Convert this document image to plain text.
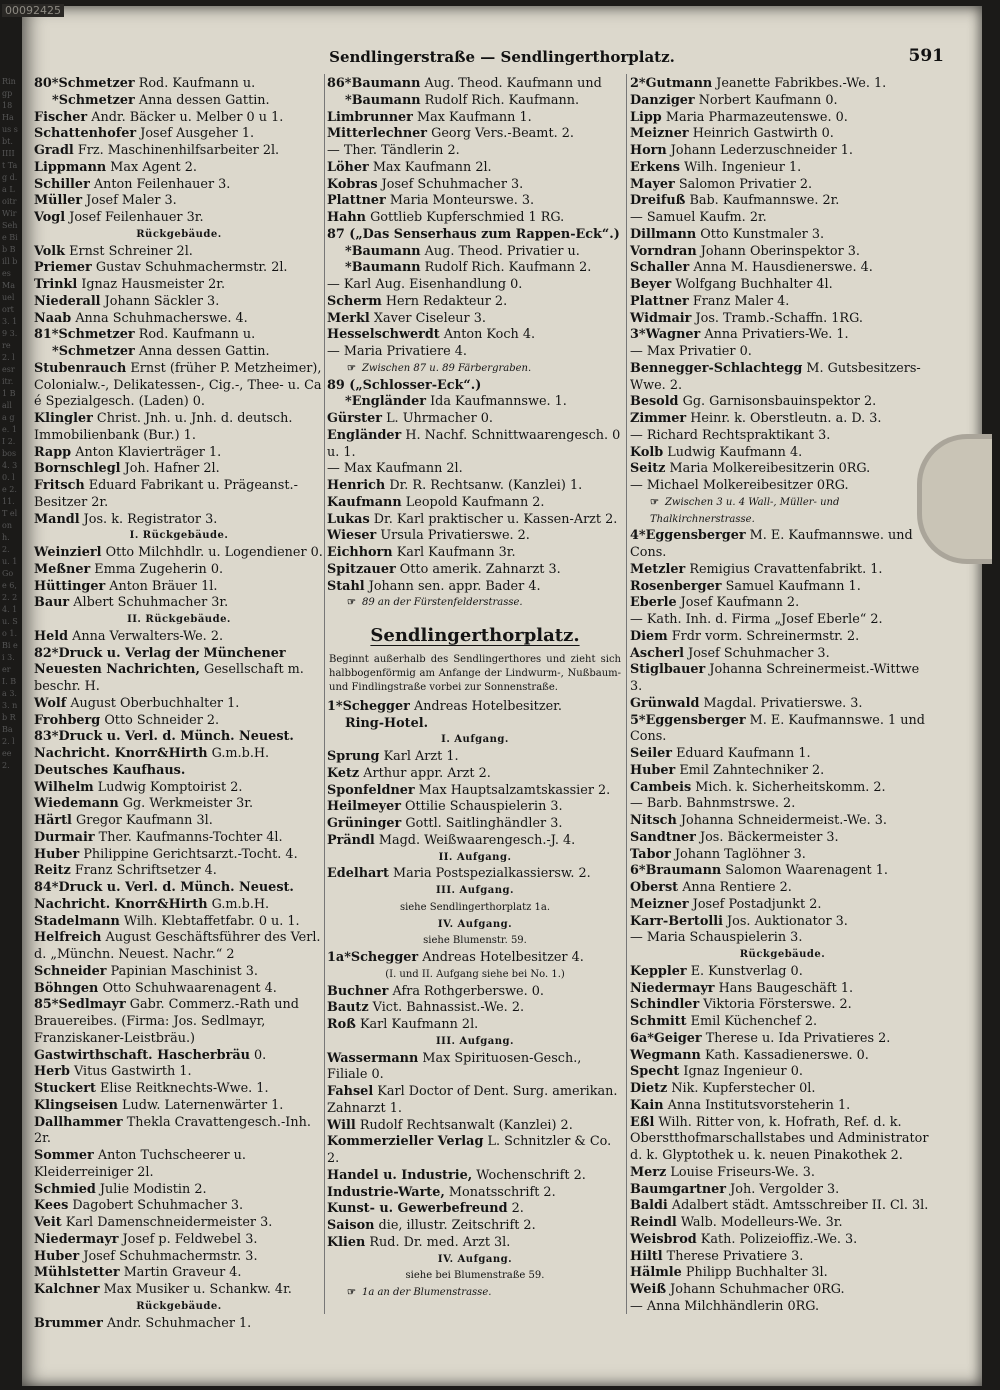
00092425
Ringp 18 Haus sbt. IIII t Tag d.a Loitr Wir Sehe Bib Bill bes Mauel ort 3. 19 3. re 2. lesr itr. 1 Ball a ge. 1 I 2. bos 4. 3 0. le 2. 11. T elon h. 2. u. 1 Go e 6, 2. 2 4. 1 u. So 1. Bi ei 3. er I. Ba 3. 3. nb R Ba 2. lee 2.
Sendlingerstraße — Sendlingerthorplatz.	591
80*Schmetzer Rod. Kaufmann u.
*Schmetzer Anna dessen Gattin.
Fischer Andr. Bäcker u. Melber 0 u 1.
Schattenhofer Josef Ausgeher 1.
Gradl Frz. Maschinenhilfsarbeiter 2l.
Lippmann Max Agent 2.
Schiller Anton Feilenhauer 3.
Müller Josef Maler 3.
Vogl Josef Feilenhauer 3r.
Rückgebäude.
Volk Ernst Schreiner 2l.
Priemer Gustav Schuhmachermstr. 2l.
Trinkl Ignaz Hausmeister 2r.
Niederall Johann Säckler 3.
Naab Anna Schuhmacherswe. 4.
81*Schmetzer Rod. Kaufmann u.
*Schmetzer Anna dessen Gattin.
Stubenrauch Ernst (früher P. Metzheimer), Colonialw.-, Delikatessen-, Cig.-, Thee- u. Ca é Spezialgesch. (Laden) 0.
Klingler Christ. Jnh. u. Jnh. d. deutsch. Immobilienbank (Bur.) 1.
Rapp Anton Klavierträger 1.
Bornschlegl Joh. Hafner 2l.
Fritsch Eduard Fabrikant u. Prägeanst.-Besitzer 2r.
Mandl Jos. k. Registrator 3.
I. Rückgebäude.
Weinzierl Otto Milchhdlr. u. Logendiener 0.
Meßner Emma Zugeherin 0.
Hüttinger Anton Bräuer 1l.
Baur Albert Schuhmacher 3r.
II. Rückgebäude.
Held Anna Verwalters-We. 2.
82*Druck u. Verlag der Münchener Neuesten Nachrichten, Gesellschaft m. beschr. H.
Wolf August Oberbuchhalter 1.
Frohberg Otto Schneider 2.
83*Druck u. Verl. d. Münch. Neuest. Nachricht. Knorr&Hirth G.m.b.H.
Deutsches Kaufhaus.
Wilhelm Ludwig Komptoirist 2.
Wiedemann Gg. Werkmeister 3r.
Härtl Gregor Kaufmann 3l.
Durmair Ther. Kaufmanns-Tochter 4l.
Huber Philippine Gerichtsarzt.-Tocht. 4.
Reitz Franz Schriftsetzer 4.
84*Druck u. Verl. d. Münch. Neuest. Nachricht. Knorr&Hirth G.m.b.H.
Stadelmann Wilh. Klebtaffetfabr. 0 u. 1.
Helfreich August Geschäftsführer des Verl. d. „Münchn. Neuest. Nachr.“ 2
Schneider Papinian Maschinist 3.
Böhngen Otto Schuhwaarenagent 4.
85*Sedlmayr Gabr. Commerz.-Rath und Brauereibes. (Firma: Jos. Sedlmayr, Franziskaner-Leistbräu.)
Gastwirthschaft. Hascherbräu 0.
Herb Vitus Gastwirth 1.
Stuckert Elise Reitknechts-Wwe. 1.
Klingseisen Ludw. Laternenwärter 1.
Dallhammer Thekla Cravattengesch.-Inh. 2r.
Sommer Anton Tuchscheerer u. Kleiderreiniger 2l.
Schmied Julie Modistin 2.
Kees Dagobert Schuhmacher 3.
Veit Karl Damenschneidermeister 3.
Niedermayr Josef p. Feldwebel 3.
Huber Josef Schuhmachermstr. 3.
Mühlstetter Martin Graveur 4.
Kalchner Max Musiker u. Schankw. 4r.
Rückgebäude.
Brummer Andr. Schuhmacher 1.
86*Baumann Aug. Theod. Kaufmann und
*Baumann Rudolf Rich. Kaufmann.
Limbrunner Max Kaufmann 1.
Mitterlechner Georg Vers.-Beamt. 2.
— Ther. Tändlerin 2.
Löher Max Kaufmann 2l.
Kobras Josef Schuhmacher 3.
Plattner Maria Monteurswe. 3.
Hahn Gottlieb Kupferschmied 1 RG.
87 („Das Senserhaus zum Rappen-Eck“.)
*Baumann Aug. Theod. Privatier u.
*Baumann Rudolf Rich. Kaufmann 2.
— Karl Aug. Eisenhandlung 0.
Scherm Hern Redakteur 2.
Merkl Xaver Ciseleur 3.
Hesselschwerdt Anton Koch 4.
— Maria Privatiere 4.
☞ Zwischen 87 u. 89 Färbergraben.
89 („Schlosser-Eck“.)
*Engländer Ida Kaufmannswe. 1.
Gürster L. Uhrmacher 0.
Engländer H. Nachf. Schnittwaarengesch. 0 u. 1.
— Max Kaufmann 2l.
Henrich Dr. R. Rechtsanw. (Kanzlei) 1.
Kaufmann Leopold Kaufmann 2.
Lukas Dr. Karl praktischer u. Kassen-Arzt 2.
Wieser Ursula Privatierswe. 2.
Eichhorn Karl Kaufmann 3r.
Spitzauer Otto amerik. Zahnarzt 3.
Stahl Johann sen. appr. Bader 4.
☞ 89 an der Fürstenfelderstrasse.
Sendlingerthorplatz.
Beginnt außerhalb des Sendlingerthores und zieht sich halbbogenförmig am Anfange der Lindwurm-, Nußbaum- und Findlingstraße vorbei zur Sonnenstraße.
1*Schegger Andreas Hotelbesitzer.
Ring-Hotel.
I. Aufgang.
Sprung Karl Arzt 1.
Ketz Arthur appr. Arzt 2.
Sponfeldner Max Hauptsalzamtskassier 2.
Heilmeyer Ottilie Schauspielerin 3.
Grüninger Gottl. Saitlinghändler 3.
Prändl Magd. Weißwaarengesch.-J. 4.
II. Aufgang.
Edelhart Maria Postspezialkassiersw. 2.
III. Aufgang.
siehe Sendlingerthorplatz 1a.
IV. Aufgang.
siehe Blumenstr. 59.
1a*Schegger Andreas Hotelbesitzer 4.
(I. und II. Aufgang siehe bei No. 1.)
Buchner Afra Rothgerberswe. 0.
Bautz Vict. Bahnassist.-We. 2.
Roß Karl Kaufmann 2l.
III. Aufgang.
Wassermann Max Spirituosen-Gesch., Filiale 0.
Fahsel Karl Doctor of Dent. Surg. amerikan. Zahnarzt 1.
Will Rudolf Rechtsanwalt (Kanzlei) 2.
Kommerzieller Verlag L. Schnitzler & Co. 2.
Handel u. Industrie, Wochenschrift 2.
Industrie-Warte, Monatsschrift 2.
Kunst- u. Gewerbefreund 2.
Saison die, illustr. Zeitschrift 2.
Klien Rud. Dr. med. Arzt 3l.
IV. Aufgang.
siehe bei Blumenstraße 59.
☞ 1a an der Blumenstrasse.
2*Gutmann Jeanette Fabrikbes.-We. 1.
Danziger Norbert Kaufmann 0.
Lipp Maria Pharmazeutenswe. 0.
Meizner Heinrich Gastwirth 0.
Horn Johann Lederzuschneider 1.
Erkens Wilh. Ingenieur 1.
Mayer Salomon Privatier 2.
Dreifuß Bab. Kaufmannswe. 2r.
— Samuel Kaufm. 2r.
Dillmann Otto Kunstmaler 3.
Vorndran Johann Oberinspektor 3.
Schaller Anna M. Hausdienerswe. 4.
Beyer Wolfgang Buchhalter 4l.
Plattner Franz Maler 4.
Widmair Jos. Tramb.-Schaffn. 1RG.
3*Wagner Anna Privatiers-We. 1.
— Max Privatier 0.
Bennegger-Schlachtegg M. Gutsbesitzers-Wwe. 2.
Besold Gg. Garnisonsbauinspektor 2.
Zimmer Heinr. k. Oberstleutn. a. D. 3.
— Richard Rechtspraktikant 3.
Kolb Ludwig Kaufmann 4.
Seitz Maria Molkereibesitzerin 0RG.
— Michael Molkereibesitzer 0RG.
☞ Zwischen 3 u. 4 Wall-, Müller- und Thalkirchnerstrasse.
4*Eggensberger M. E. Kaufmannswe. und Cons.
Metzler Remigius Cravattenfabrikt. 1.
Rosenberger Samuel Kaufmann 1.
Eberle Josef Kaufmann 2.
— Kath. Inh. d. Firma „Josef Eberle“ 2.
Diem Frdr vorm. Schreinermstr. 2.
Ascherl Josef Schuhmacher 3.
Stiglbauer Johanna Schreinermeist.-Wittwe 3.
Grünwald Magdal. Privatierswe. 3.
5*Eggensberger M. E. Kaufmannswe. 1 und Cons.
Seiler Eduard Kaufmann 1.
Huber Emil Zahntechniker 2.
Cambeis Mich. k. Sicherheitskomm. 2.
— Barb. Bahnmstrswe. 2.
Nitsch Johanna Schneidermeist.-We. 3.
Sandtner Jos. Bäckermeister 3.
Tabor Johann Taglöhner 3.
6*Braumann Salomon Waarenagent 1.
Oberst Anna Rentiere 2.
Meizner Josef Postadjunkt 2.
Karr-Bertolli Jos. Auktionator 3.
— Maria Schauspielerin 3.
Rückgebäude.
Keppler E. Kunstverlag 0.
Niedermayr Hans Baugeschäft 1.
Schindler Viktoria Försterswe. 2.
Schmitt Emil Küchenchef 2.
6a*Geiger Therese u. Ida Privatieres 2.
Wegmann Kath. Kassadienerswe. 0.
Specht Ignaz Ingenieur 0.
Dietz Nik. Kupferstecher 0l.
Kain Anna Institutsvorsteherin 1.
Eßl Wilh. Ritter von, k. Hofrath, Ref. d. k. Oberstthofmarschallstabes und Administrator d. k. Glyptothek u. k. neuen Pinakothek 2.
Merz Louise Friseurs-We. 3.
Baumgartner Joh. Vergolder 3.
Baldi Adalbert städt. Amtsschreiber II. Cl. 3l.
Reindl Walb. Modelleurs-We. 3r.
Weisbrod Kath. Polizeioffiz.-We. 3.
Hiltl Therese Privatiere 3.
Hälmle Philipp Buchhalter 3l.
Weiß Johann Schuhmacher 0RG.
— Anna Milchhändlerin 0RG.
